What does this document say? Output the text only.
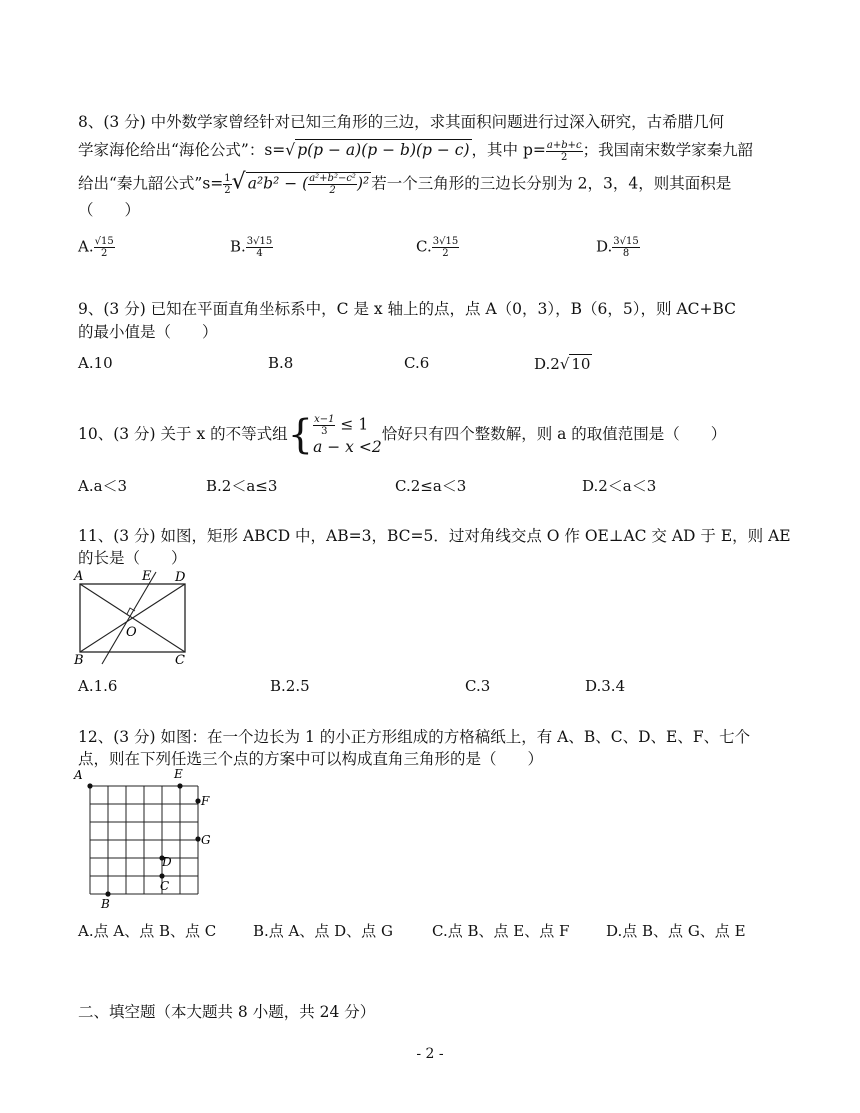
8、(3 分) 中外数学家曾经针对已知三角形的三边，求其面积问题进行过深入研究，古希腊几何
学家海伦给出“海伦公式”：s=√ p(p − a)(p − b)(p − c) ，其中 $p= \frac{a+b+c}{2}$ ；我国南宋数学家秦九韶
给出“秦九韶公式”s= $\frac{1}{2}$ √ a²b² − ( $\frac{\text{a²+b²−c²}}{2} )^2$ 若一个三角形的三边长分别为 2，3，4，则其面积是
（　　）
A. $\frac{√15}{2}$	B. $\frac{3√15}{4}$	C. $\frac{3√15}{2}$	D. $\frac{3√15}{8}$
9、(3 分) 已知在平面直角坐标系中，C 是 x 轴上的点，点 A（0，3），B（6，5），则 AC+BC
的最小值是（　　）
A.10	B.8	C.6	D.2√ 10
10、(3 分) 关于 x 的不等式组{ $\frac{x-1}{3} \le 1$
a − x <2
恰好只有四个整数解，则 a 的取值范围是（　　）
A.a＜3	B.2＜a≤3	C.2≤a＜3	D.2＜a＜3
11、(3 分) 如图，矩形 ABCD 中，AB=3，BC=5．过对角线交点 O 作 OE⊥AC 交 AD 于 E，则 AE
的长是（　　）
A	E D
B	C
O
A.1.6	B.2.5	C.3	D.3.4
12、(3 分) 如图：在一个边长为 1 的小正方形组成的方格稿纸上，有 A、B、C、D、E、F、七个
点，则在下列任选三个点的方案中可以构成直角三角形的是（　　）
A
B
C
D
E
F
G
A.点 A、点 B、点 C B.点 A、点 D、点 G	C.点 B、点 E、点 F D.点 B、点 G、点 E
二、填空题（本大题共 8 小题，共 24 分）
- 2 -
